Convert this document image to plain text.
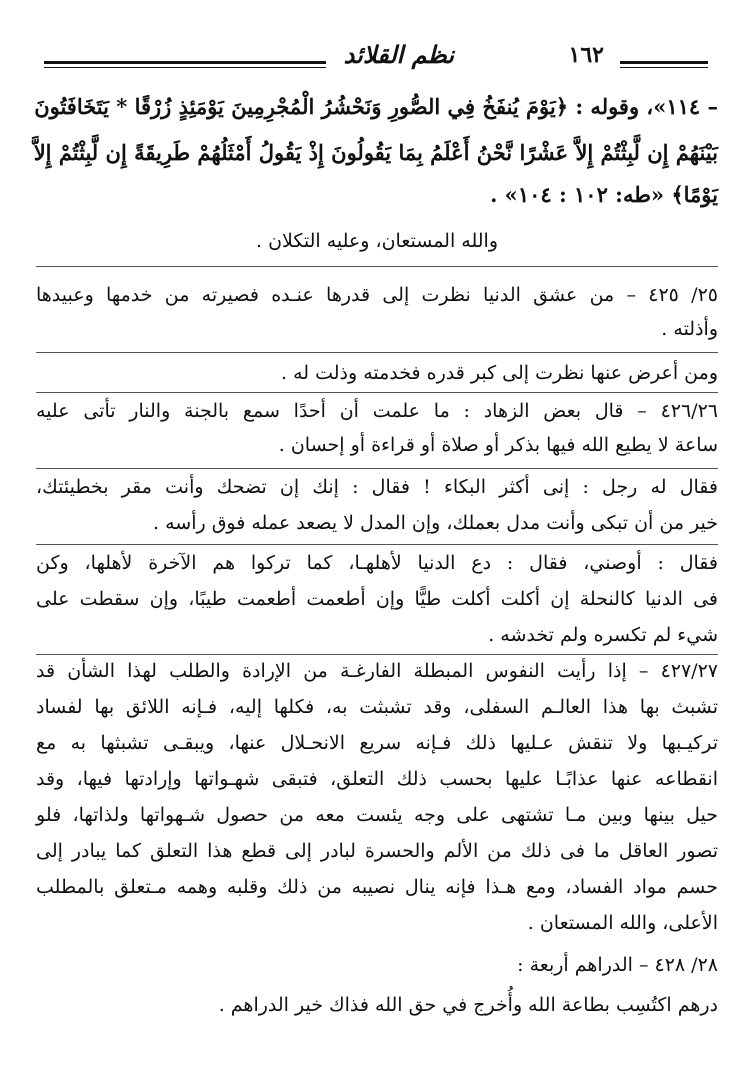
نظم القلائد	١٦٢
– ١١٤»، وقوله : ﴿يَوْمَ يُنفَخُ فِي الصُّورِ وَنَحْشُرُ الْمُجْرِمِينَ يَوْمَئِذٍ زُرْقًا * يَتَخَافَتُونَ
بَيْنَهُمْ إِن لَّبِثْتُمْ إِلاَّ عَشْرًا نَّحْنُ أَعْلَمُ بِمَا يَقُولُونَ إِذْ يَقُولُ أَمْثَلُهُمْ طَرِيقَةً إِن لَّبِثْتُمْ إِلاَّ
يَوْمًا﴾ «طه: ١٠٢ : ١٠٤» .
والله المستعان، وعليه التكلان .
٢٥/ ٤٢٥ – من عشق الدنيا نظرت إلى قدرها عنـده فصيرته من خدمها وعبيدها
وأذلته .
ومن أعرض عنها نظرت إلى كبر قدره فخدمته وذلت له .
٤٢٦/٢٦ – قال بعض الزهاد : ما علمت أن أحدًا سمع بالجنة والنار تأتى عليه
ساعة لا يطيع الله فيها بذكر أو صلاة أو قراءة أو إحسان .
فقال له رجل : إنى أكثر البكاء ! فقال : إنك إن تضحك وأنت مقر بخطيئتك،
خير من أن تبكى وأنت مدل بعملك، وإن المدل لا يصعد عمله فوق رأسه .
فقال : أوصني، فقال : دع الدنيا لأهلهـا، كما تركوا هم الآخرة لأهلها، وكن
فى الدنيا كالنحلة إن أكلت أكلت طيًّا وإن أطعمت أطعمت طيبًا، وإن سقطت على
شيء لم تكسره ولم تخدشه .
٤٢٧/٢٧ – إذا رأيت النفوس المبطلة الفارغـة من الإرادة والطلب لهذا الشأن قد
تشبث بها هذا العالـم السفلى، وقد تشبثت به، فكلها إليه، فـإنه اللائق بها لفساد
تركيـبها ولا تنقش عـليها ذلك فـإنه سريع الانحـلال عنها، ويبقـى تشبثها به مع
انقطاعه عنها عذابًـا عليها بحسب ذلك التعلق، فتبقى شهـواتها وإرادتها فيها، وقد
حيل بينها وبين مـا تشتهى على وجه يئست معه من حصول شـهواتها ولذاتها، فلو
تصور العاقل ما فى ذلك من الألم والحسرة لبادر إلى قطع هذا التعلق كما يبادر إلى
حسم مواد الفساد، ومع هـذا فإنه ينال نصيبه من ذلك وقلبه وهمه مـتعلق بالمطلب
الأعلى، والله المستعان .
٢٨/ ٤٢٨ – الدراهم أربعة :
درهم اكتُسِب بطاعة الله وأُخرج في حق الله فذاك خير الدراهم .
